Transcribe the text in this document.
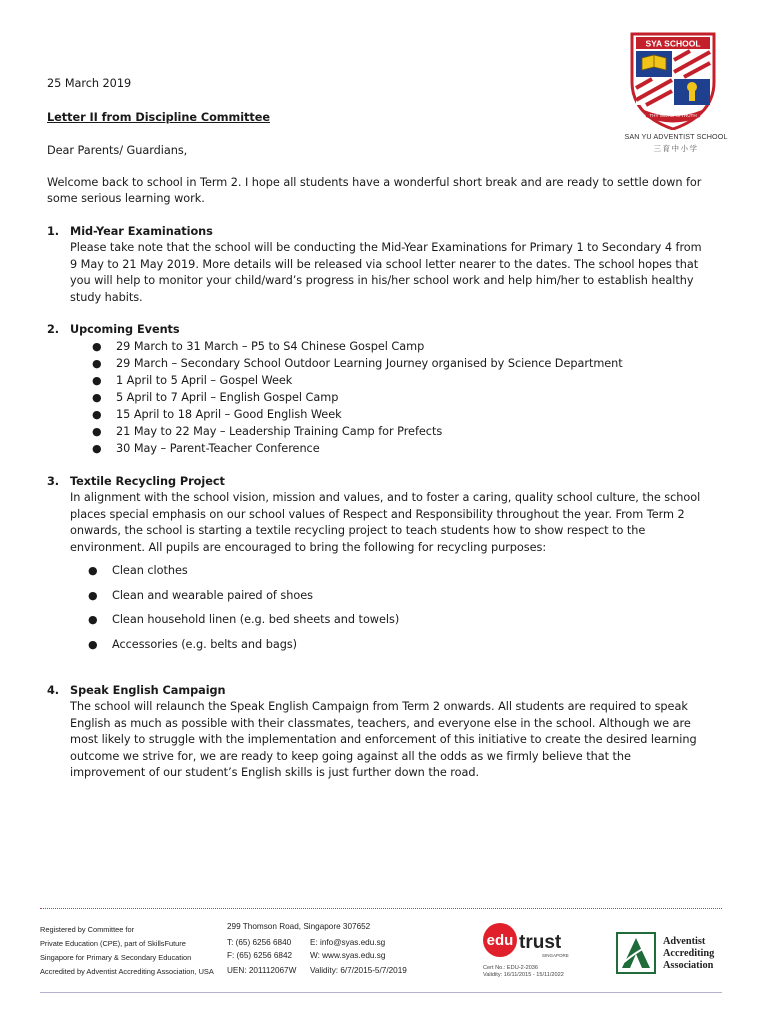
SYA SCHOOL
THY WORD IS TRUTH
SAN YU ADVENTIST SCHOOL
三育中小学
25 March 2019
Letter II from Discipline Committee
Dear Parents/ Guardians,
Welcome back to school in Term 2. I hope all students have a wonderful short break and are ready to settle down for
some serious learning work.
1. Mid-Year Examinations
Please take note that the school will be conducting the Mid-Year Examinations for Primary 1 to Secondary 4 from
9 May to 21 May 2019. More details will be released via school letter nearer to the dates. The school hopes that
you will help to monitor your child/ward’s progress in his/her school work and help him/her to establish healthy
study habits.
2. Upcoming Events
● 29 March to 31 March – P5 to S4 Chinese Gospel Camp
● 29 March – Secondary School Outdoor Learning Journey organised by Science Department
● 1 April to 5 April – Gospel Week
● 5 April to 7 April – English Gospel Camp
● 15 April to 18 April – Good English Week
● 21 May to 22 May – Leadership Training Camp for Prefects
● 30 May – Parent-Teacher Conference
3. Textile Recycling Project
In alignment with the school vision, mission and values, and to foster a caring, quality school culture, the school
places special emphasis on our school values of Respect and Responsibility throughout the year. From Term 2
onwards, the school is starting a textile recycling project to teach students how to show respect to the
environment. All pupils are encouraged to bring the following for recycling purposes:
● Clean clothes
● Clean and wearable paired of shoes
● Clean household linen (e.g. bed sheets and towels)
● Accessories (e.g. belts and bags)
4. Speak English Campaign
The school will relaunch the Speak English Campaign from Term 2 onwards. All students are required to speak
English as much as possible with their classmates, teachers, and everyone else in the school. Although we are
most likely to struggle with the implementation and enforcement of this initiative to create the desired learning
outcome we strive for, we are ready to keep going against all the odds as we firmly believe that the
improvement of our student’s English skills is just further down the road.
Registered by Committee for
Private Education (CPE), part of SkillsFuture
Singapore for Primary & Secondary Education
Accredited by Adventist Accrediting Association, USA
299 Thomson Road, Singapore 307652
T: (65) 6256 6840 E: info@syas.edu.sg
F: (65) 6256 6842 W: www.syas.edu.sg
UEN: 201112067W Validity: 6/7/2015-5/7/2019
edu trust
SINGAPORE
Cert No.: EDU-2-2036
Validity: 16/11/2015 - 15/11/2022
Adventist
Accrediting
Association
